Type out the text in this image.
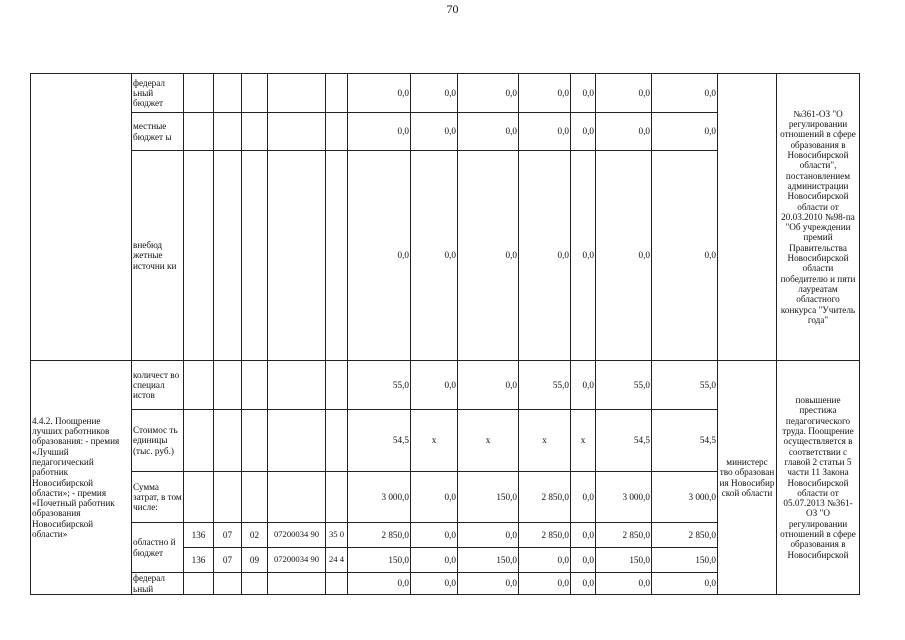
70
	федерал ьный бюджет						0,0	0,0	0,0	0,0	0,0	0,0	0,0		№361-ОЗ "О регулировании отношений в сфере образования в Новосибирской области", постановлением администрации Новосибирской области от 20.03.2010 №98-па "Об учреждении премий Правительства Новосибирской области победителю и пяти лауреатам областного конкурса "Учитель года"
	местные бюджет ы						0,0	0,0	0,0	0,0	0,0	0,0	0,0		
	внебюд жетные источни ки						0,0	0,0	0,0	0,0	0,0	0,0	0,0		
4.4.2. Поощрение лучших работников образования: - премия «Лучший педагогический работник Новосибирской области»; - премия «Почетный работник образования Новосибирской области»	количест во специал истов						55,0	0,0	0,0	55,0	0,0	55,0	55,0	министерс тво образован ия Новосибир ской области	повышение престижа педагогического труда. Поощрение осуществляется в соответствии с главой 2 статьи 5 части 11 Закона Новосибирской области от 05.07.2013 №361-ОЗ "О регулировании отношений в сфере образования в Новосибирской
	Стоимос ть единицы (тыс. руб.)						54,5	x	x	x	x	54,5	54,5		
	Сумма затрат, в том числе:						3 000,0	0,0	150,0	2 850,0	0,0	3 000,0	3 000,0		
	областно й бюджет	136	07	02	07200034 90	35 0	2 850,0	0,0	0,0	2 850,0	0,0	2 850,0	2 850,0		
		136	07	09	07200034 90	24 4	150,0	0,0	150,0	0,0	0,0	150,0	150,0		
	федерал ьный						0,0	0,0	0,0	0,0	0,0	0,0	0,0		
